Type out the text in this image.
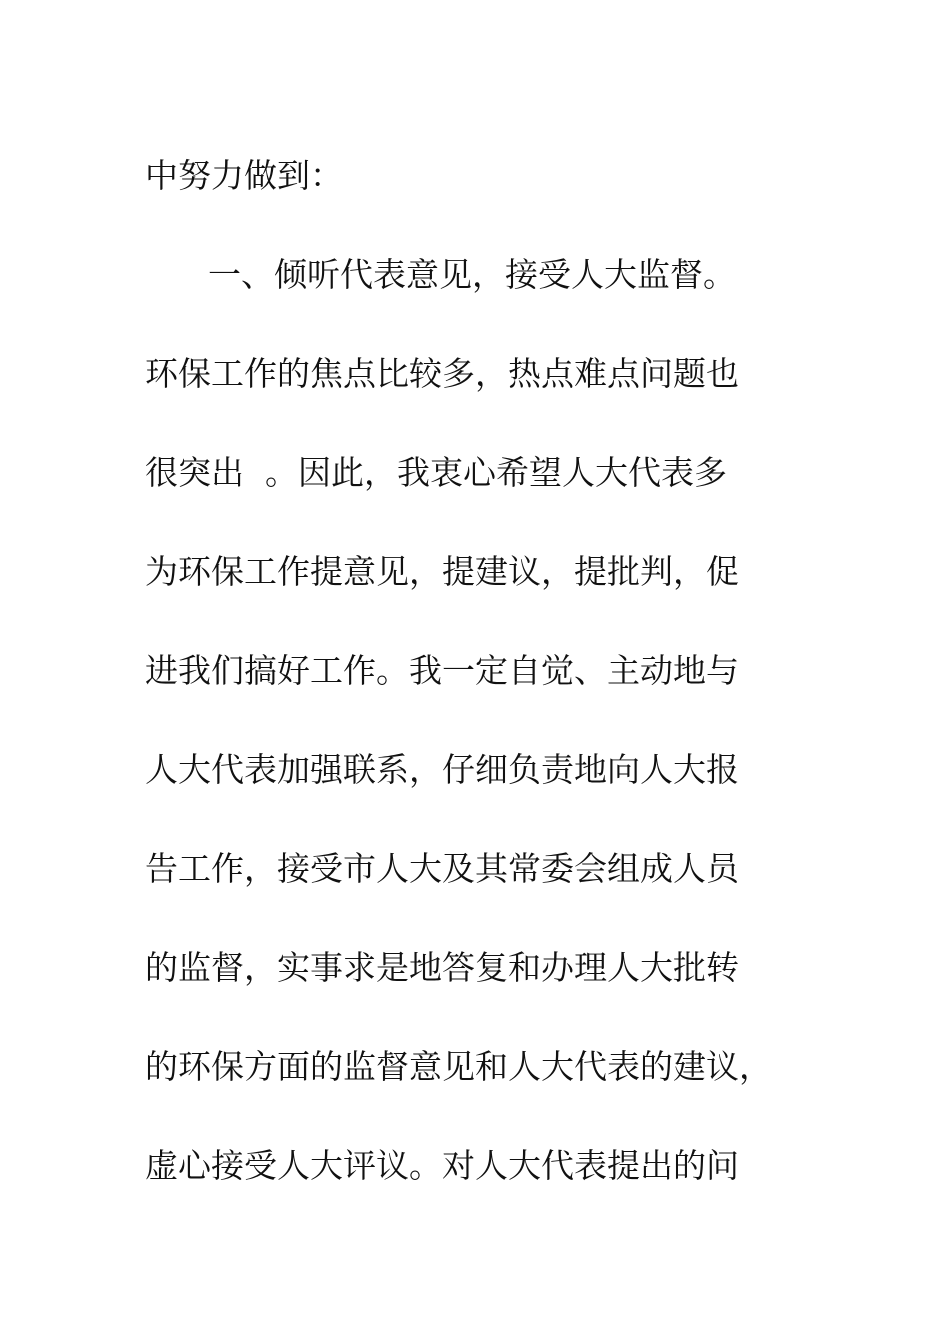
中努力做到：
一、倾听代表意见，接受人大监督。
环保工作的焦点比较多，热点难点问题也
很突出  。因此，我衷心希望人大代表多
为环保工作提意见，提建议，提批判，促
进我们搞好工作。我一定自觉、主动地与
人大代表加强联系，仔细负责地向人大报
告工作，接受市人大及其常委会组成人员
的监督，实事求是地答复和办理人大批转
的环保方面的监督意见和人大代表的建议，
虚心接受人大评议。对人大代表提出的问
